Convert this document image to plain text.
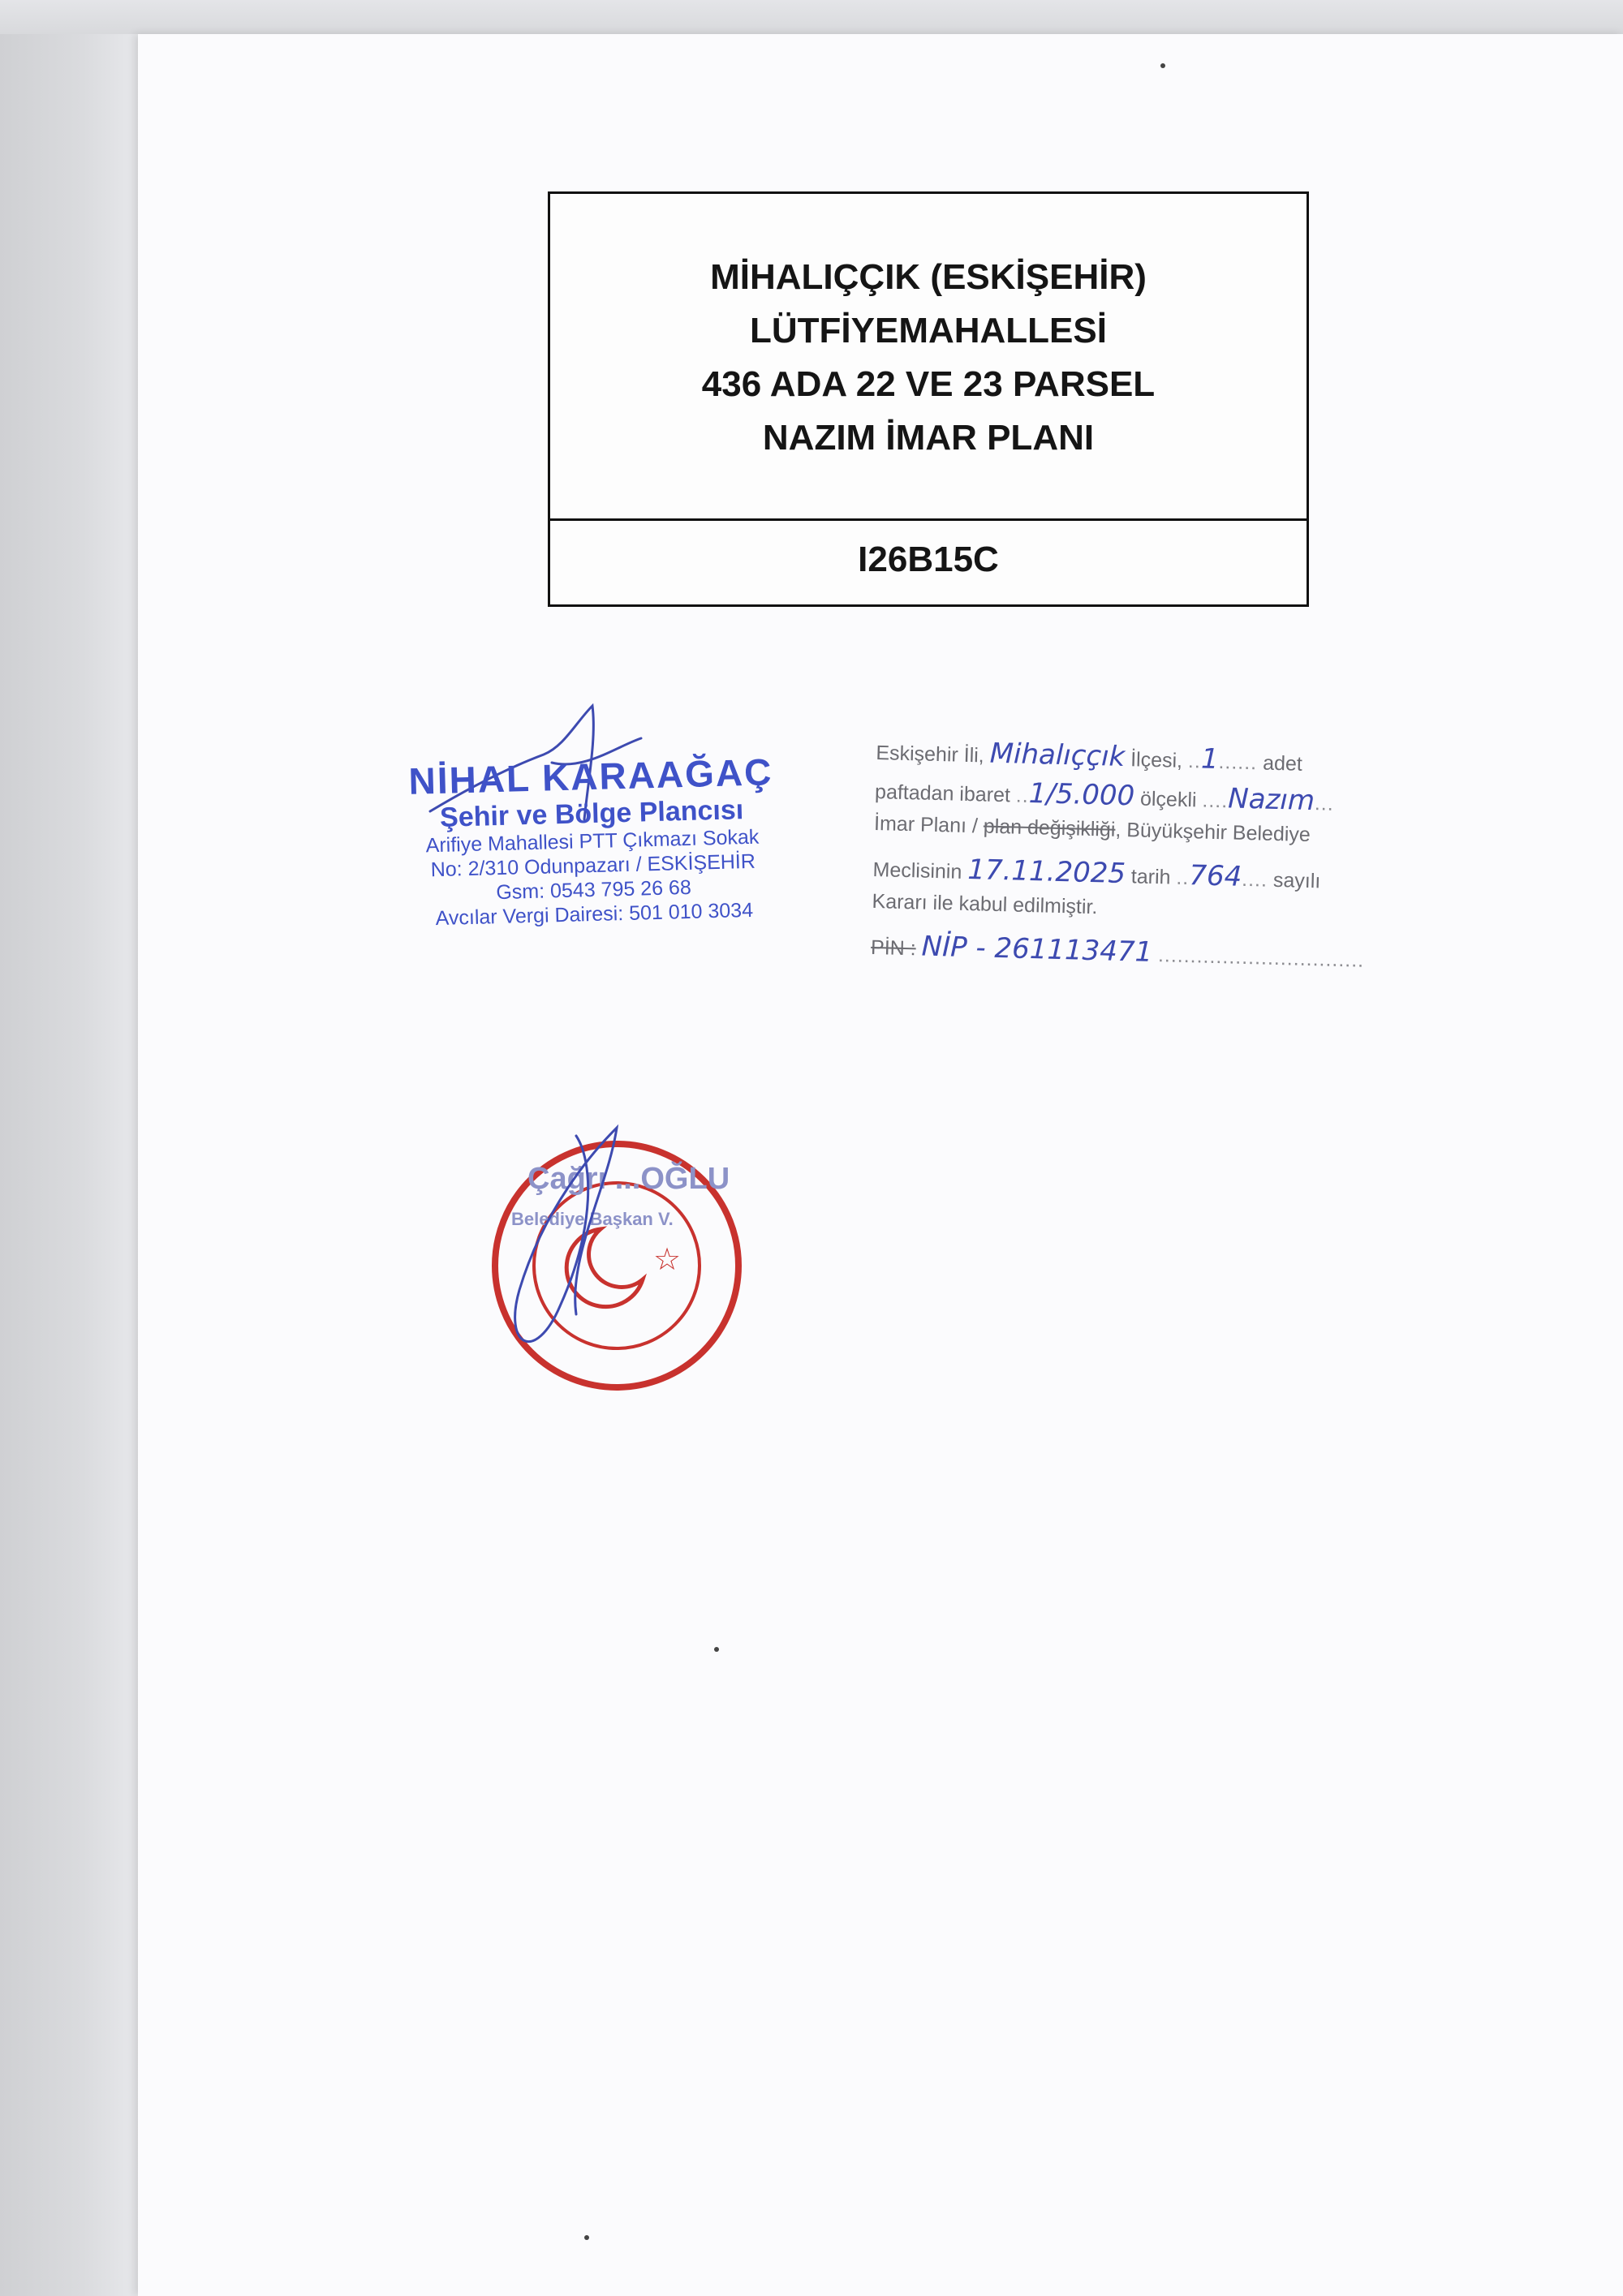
MİHALIÇÇIK (ESKİŞEHİR)
LÜTFİYEMAHALLESİ
436 ADA 22 VE 23 PARSEL
NAZIM İMAR PLANI
I26B15C
NİHAL KARAAĞAÇ
Şehir ve Bölge Plancısı
Arifiye Mahallesi PTT Çıkmazı Sokak
No: 2/310 Odunpazarı / ESKİŞEHİR
Gsm: 0543 795 26 68
Avcılar Vergi Dairesi: 501 010 3034
Eskişehir İli, Mihalıççık İlçesi, ..1...... adet
paftadan ibaret ..1/5.000 ölçekli ....Nazım...
İmar Planı / plan değişikliği, Büyükşehir Belediye
Meclisinin 17.11.2025 tarih ..764.... sayılı
Kararı ile kabul edilmiştir.
PİN : NİP - 261113471 ................................
☆
Çağrı ...OĞLU
Belediye Başkan V.
